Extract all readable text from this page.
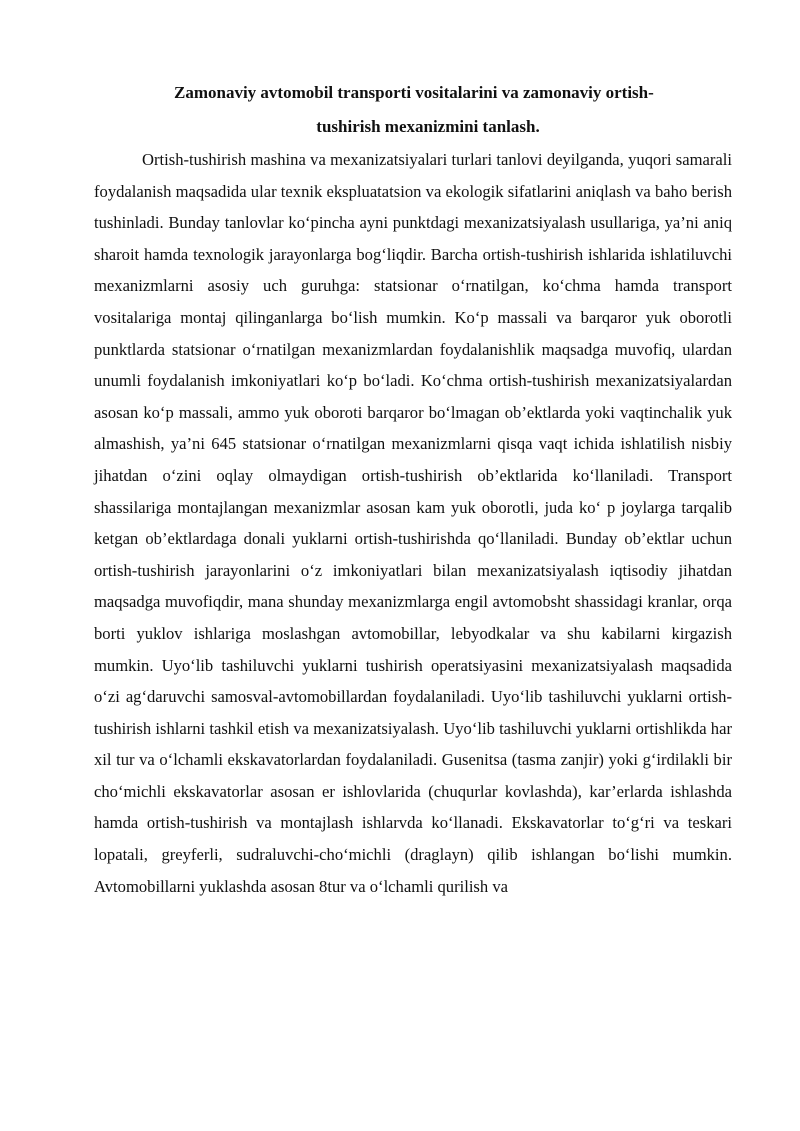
Zamonaviy avtomobil transporti vositalarini va zamonaviy ortish-
tushirish mexanizmini tanlash.

Ortish-tushirish mashina va mexanizatsiyalari turlari tanlovi deyilganda, yuqori samarali foydalanish maqsadida ular texnik ekspluatatsion va ekologik sifatlarini aniqlash va baho berish tushinladi. Bunday tanlovlar ko‘pincha ayni punktdagi mexanizatsiyalash usullariga, ya’ni aniq sharoit hamda texnologik jarayonlarga bog‘liqdir. Barcha ortish-tushirish ishlarida ishlatiluvchi mexanizmlarni asosiy uch guruhga: statsionar o‘rnatilgan, ko‘chma hamda transport vositalariga montaj qilinganlarga bo‘lish mumkin. Ko‘p massali va barqaror yuk oborotli punktlarda statsionar o‘rnatilgan mexanizmlardan foydalanishlik maqsadga muvofiq, ulardan unumli foydalanish imkoniyatlari ko‘p bo‘ladi. Ko‘chma ortish-tushirish mexanizatsiyalardan asosan ko‘p massali, ammo yuk oboroti barqaror bo‘lmagan ob’ektlarda yoki vaqtinchalik yuk almashish, ya’ni 645 statsionar o‘rnatilgan mexanizmlarni qisqa vaqt ichida ishlatilish nisbiy jihatdan o‘zini oqlay olmaydigan ortish-tushirish ob’ektlarida ko‘llaniladi. Transport shassilariga montajlangan mexanizmlar asosan kam yuk oborotli, juda ko‘ p joylarga tarqalib ketgan ob’ektlardaga donali yuklarni ortish-tushirishda qo‘llaniladi. Bunday ob’ektlar uchun ortish-tushirish jarayonlarini o‘z imkoniyatlari bilan mexanizatsiyalash iqtisodiy jihatdan maqsadga muvofiqdir, mana shunday mexanizmlarga engil avtomobsht shassidagi kranlar, orqa borti yuklov ishlariga moslashgan avtomobillar, lebyodkalar va shu kabilarni kirgazish mumkin. Uyo‘lib tashiluvchi yuklarni tushirish operatsiyasini mexanizatsiyalash maqsadida o‘zi ag‘daruvchi samosval-avtomobillardan foydalaniladi. Uyo‘lib tashiluvchi yuklarni ortish-tushirish ishlarni tashkil etish va mexanizatsiyalash. Uyo‘lib tashiluvchi yuklarni ortishlikda har xil tur va o‘lchamli ekskavatorlardan foydalaniladi. Gusenitsa (tasma zanjir) yoki g‘irdilakli bir cho‘michli ekskavatorlar asosan er ishlovlarida (chuqurlar kovlashda), kar’erlarda ishlashda hamda ortish-tushirish va montajlash ishlarvda ko‘llanadi. Ekskavatorlar to‘g‘ri va teskari lopatali, greyferli, sudraluvchi-cho‘michli (draglayn) qilib ishlangan bo‘lishi mumkin. Avtomobillarni yuklashda asosan 8tur va o‘lchamli qurilish va
